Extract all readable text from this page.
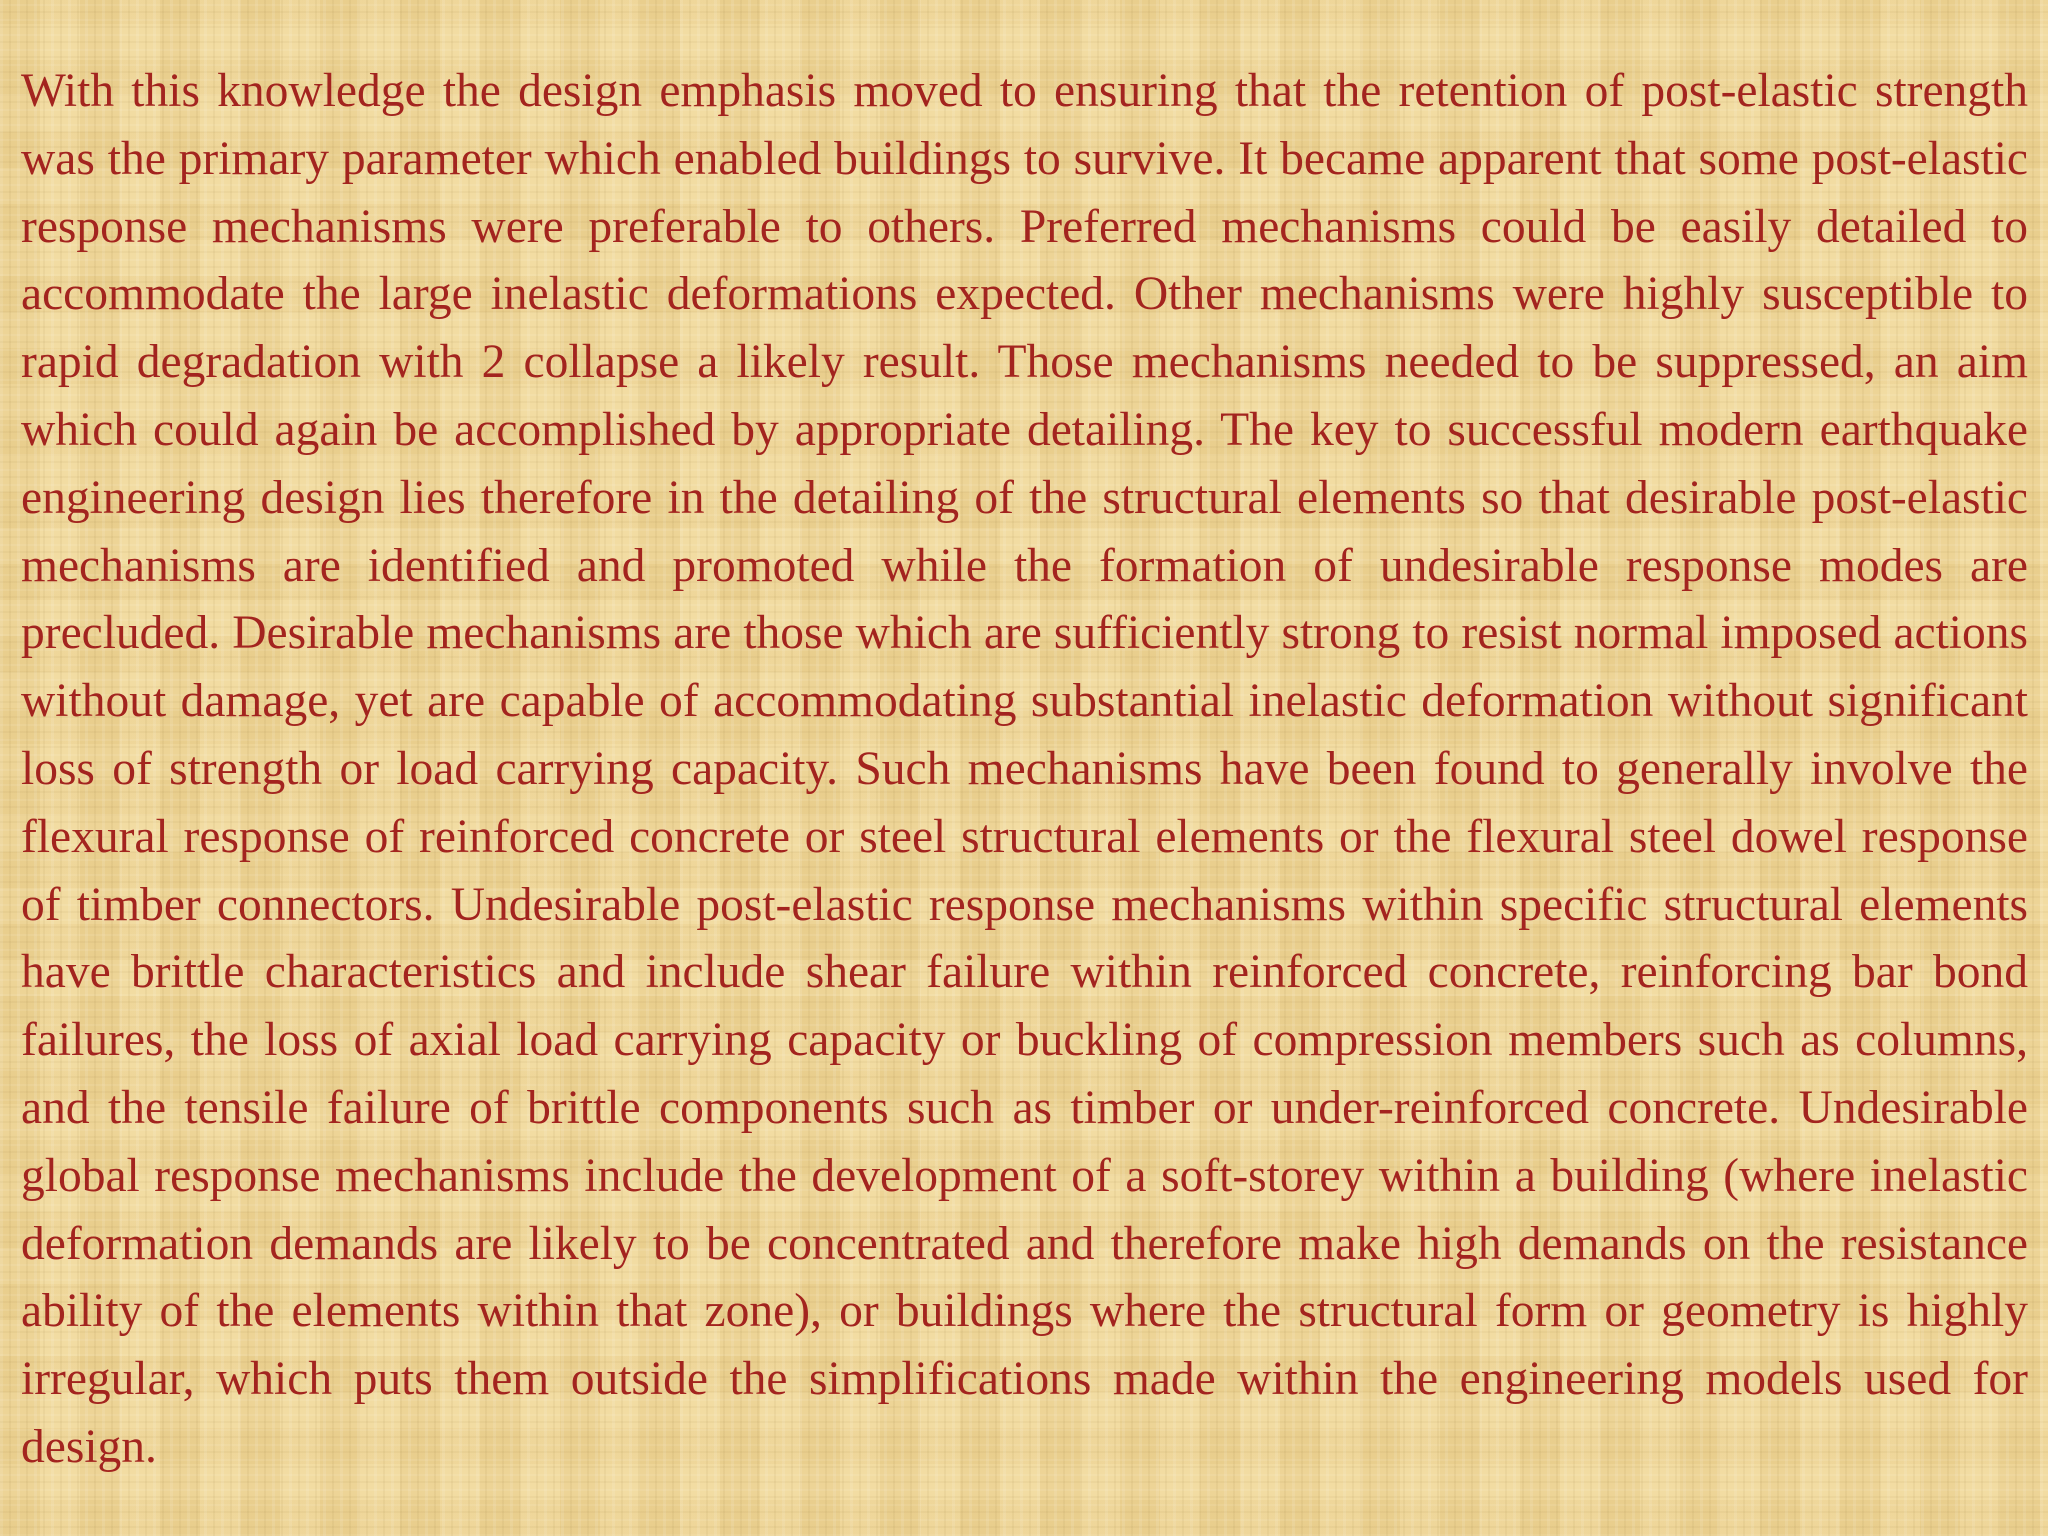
With this knowledge the design emphasis moved to ensuring that the retention of post-elastic strength was the primary parameter which enabled buildings to survive. It became apparent that some post-elastic response mechanisms were preferable to others. Preferred mechanisms could be easily detailed to accommodate the large inelastic deformations expected. Other mechanisms were highly susceptible to rapid degradation with 2 collapse a likely result. Those mechanisms needed to be suppressed, an aim which could again be accomplished by appropriate detailing. The key to successful modern earthquake engineering design lies therefore in the detailing of the structural elements so that desirable post-elastic mechanisms are identified and promoted while the formation of undesirable response modes are precluded. Desirable mechanisms are those which are sufficiently strong to resist normal imposed actions without damage, yet are capable of accommodating substantial inelastic deformation without significant loss of strength or load carrying capacity. Such mechanisms have been found to generally involve the flexural response of reinforced concrete or steel structural elements or the flexural steel dowel response of timber connectors. Undesirable post-elastic response mechanisms within specific structural elements have brittle characteristics and include shear failure within reinforced concrete, reinforcing bar bond failures, the loss of axial load carrying capacity or buckling of compression members such as columns, and the tensile failure of brittle components such as timber or under-reinforced concrete. Undesirable global response mechanisms include the development of a soft-storey within a building (where inelastic deformation demands are likely to be concentrated and therefore make high demands on the resistance ability of the elements within that zone), or buildings where the structural form or geometry is highly irregular, which puts them outside the simplifications made within the engineering models used for design.
